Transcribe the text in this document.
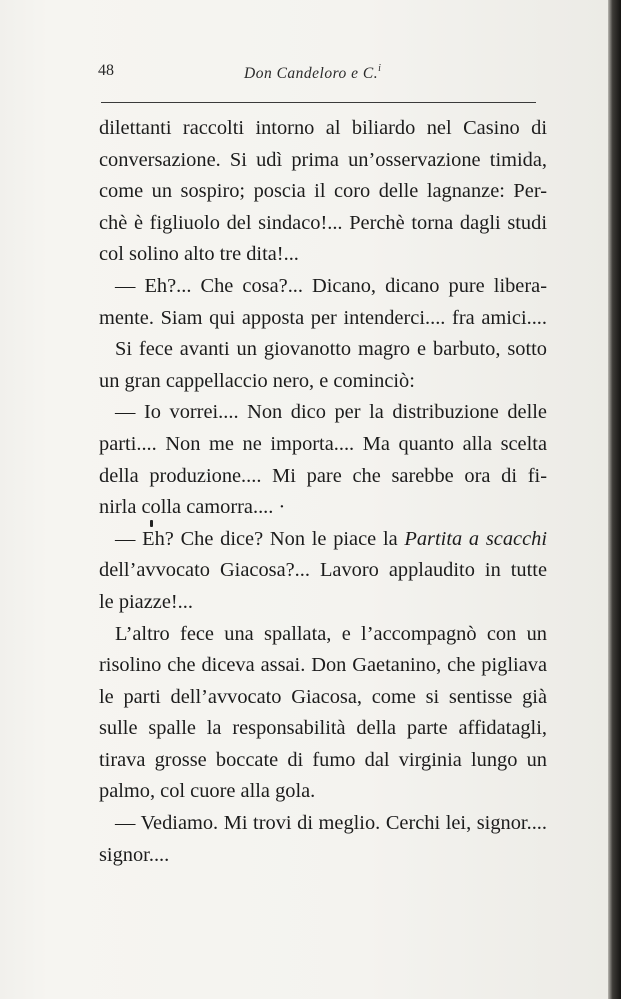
48	Don Candeloro e C.$^i$
dilettanti raccolti intorno al biliardo nel Casino di
conversazione. Si udì prima un’osservazione timida,
come un sospiro; poscia il coro delle lagnanze: Per-
chè è figliuolo del sindaco!... Perchè torna dagli studi
col solino alto tre dita!...
— Eh?... Che cosa?... Dicano, dicano pure libera-
mente. Siam qui apposta per intenderci.... fra amici....
Si fece avanti un giovanotto magro e barbuto, sotto
un gran cappellaccio nero, e cominciò:
— Io vorrei.... Non dico per la distribuzione delle
parti.... Non me ne importa.... Ma quanto alla scelta
della produzione.... Mi pare che sarebbe ora di fi-
nirla colla camorra.... ·
— Eh? Che dice? Non le piace la Partita a scacchi
dell’avvocato Giacosa?... Lavoro applaudito in tutte
le piazze!...
L’altro fece una spallata, e l’accompagnò con un
risolino che diceva assai. Don Gaetanino, che pigliava
le parti dell’avvocato Giacosa, come si sentisse già
sulle spalle la responsabilità della parte affidatagli,
tirava grosse boccate di fumo dal virginia lungo un
palmo, col cuore alla gola.
— Vediamo. Mi trovi di meglio. Cerchi lei, signor....
signor....
